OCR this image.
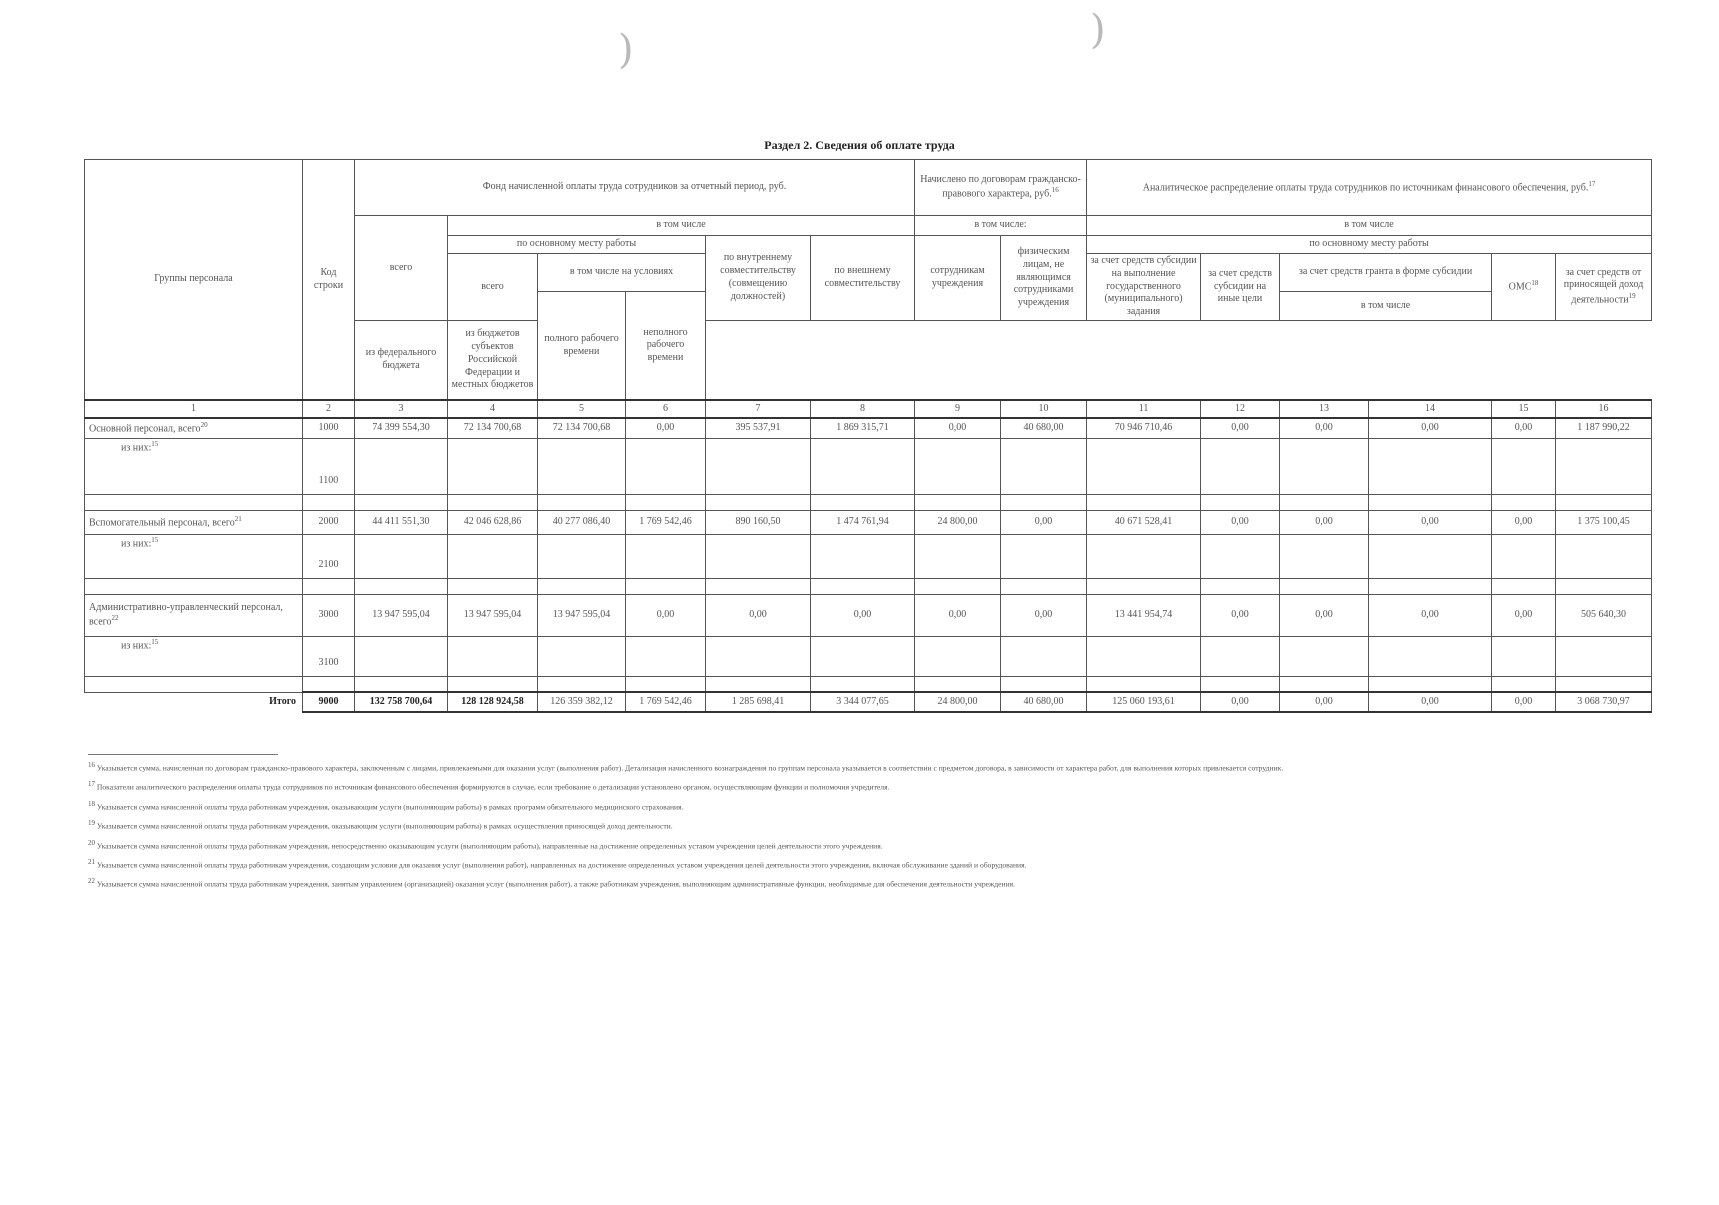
)	)
Раздел 2. Сведения об оплате труда
Группы персонала	Код строки	Фонд начисленной оплаты труда сотрудников за отчетный период, руб.						Начислено по договорам гражданско-правового характера, руб.$^{16}$		Аналитическое распределение оплаты труда сотрудников по источникам финансового обеспечения, руб.$^{17}$
		всего	в том числе					в том числе:		в том числе					
			по основному месту работы			по внутреннему совместительству (совмещению должностей)	по внешнему совместительству	сотрудникам учреждения	физическим лицам, не являющимся сотрудниками учреждения	по основному месту работы					
			всего	в том числе на условиях						за счет средств субсидии на выполнение государственного (муниципального) задания	за счет средств субсидии на иные цели	за счет средств гранта в форме субсидии		ОМС$^{18}$	за счет средств от приносящей доход деятельности$^{19}$
				полного рабочего времени	неполного рабочего времени							в том числе			
		из федерального бюджета	из бюджетов субъектов Российской Федерации и местных бюджетов												
1	2	3	4	5	6	7	8	9	10	11	12	13	14	15	16
Основной персонал, всего$^{20}$	1000	74 399 554,30	72 134 700,68	72 134 700,68	0,00	395 537,91	1 869 315,71	0,00	40 680,00	70 946 710,46	0,00	0,00	0,00	0,00	1 187 990,22
из них:$^{15}$	1100														

Вспомогательный персонал, всего$^{21}$	2000	44 411 551,30	42 046 628,86	40 277 086,40	1 769 542,46	890 160,50	1 474 761,94	24 800,00	0,00	40 671 528,41	0,00	0,00	0,00	0,00	1 375 100,45
из них:$^{15}$	2100														

Административно-управленческий персонал, всего$^{22}$	3000	13 947 595,04	13 947 595,04	13 947 595,04	0,00	0,00	0,00	0,00	0,00	13 441 954,74	0,00	0,00	0,00	0,00	505 640,30
из них:$^{15}$	3100														

Итого	9000	132 758 700,64	128 128 924,58	126 359 382,12	1 769 542,46	1 285 698,41	3 344 077,65	24 800,00	40 680,00	125 060 193,61	0,00	0,00	0,00	0,00	3 068 730,97

$^{16}$ Указывается сумма, начисленная по договорам гражданско-правового характера, заключенным с лицами, привлекаемыми для оказания услуг (выполнения работ). Детализация начисленного вознаграждения по группам персонала указывается в соответствии с предметом договора, в зависимости от характера работ, для выполнения которых привлекается сотрудник.

$^{17}$ Показатели аналитического распределения оплаты труда сотрудников по источникам финансового обеспечения формируются в случае, если требование о детализации установлено органом, осуществляющим функции и полномочия учредителя.

$^{18}$ Указывается сумма начисленной оплаты труда работникам учреждения, оказывающим услуги (выполняющим работы) в рамках программ обязательного медицинского страхования.

$^{19}$ Указывается сумма начисленной оплаты труда работникам учреждения, оказывающим услуги (выполняющим работы) в рамках осуществления приносящей доход деятельности.

$^{20}$ Указывается сумма начисленной оплаты труда работникам учреждения, непосредственно оказывающим услуги (выполняющим работы), направленные на достижение определенных уставом учреждения целей деятельности этого учреждения.

$^{21}$ Указывается сумма начисленной оплаты труда работникам учреждения, создающим условия для оказания услуг (выполнения работ), направленных на достижение определенных уставом учреждения целей деятельности этого учреждения, включая обслуживание зданий и оборудования.

$^{22}$ Указывается сумма начисленной оплаты труда работникам учреждения, занятым управлением (организацией) оказания услуг (выполнения работ), а также работникам учреждения, выполняющим административные функции, необходимые для обеспечения деятельности учреждения.
